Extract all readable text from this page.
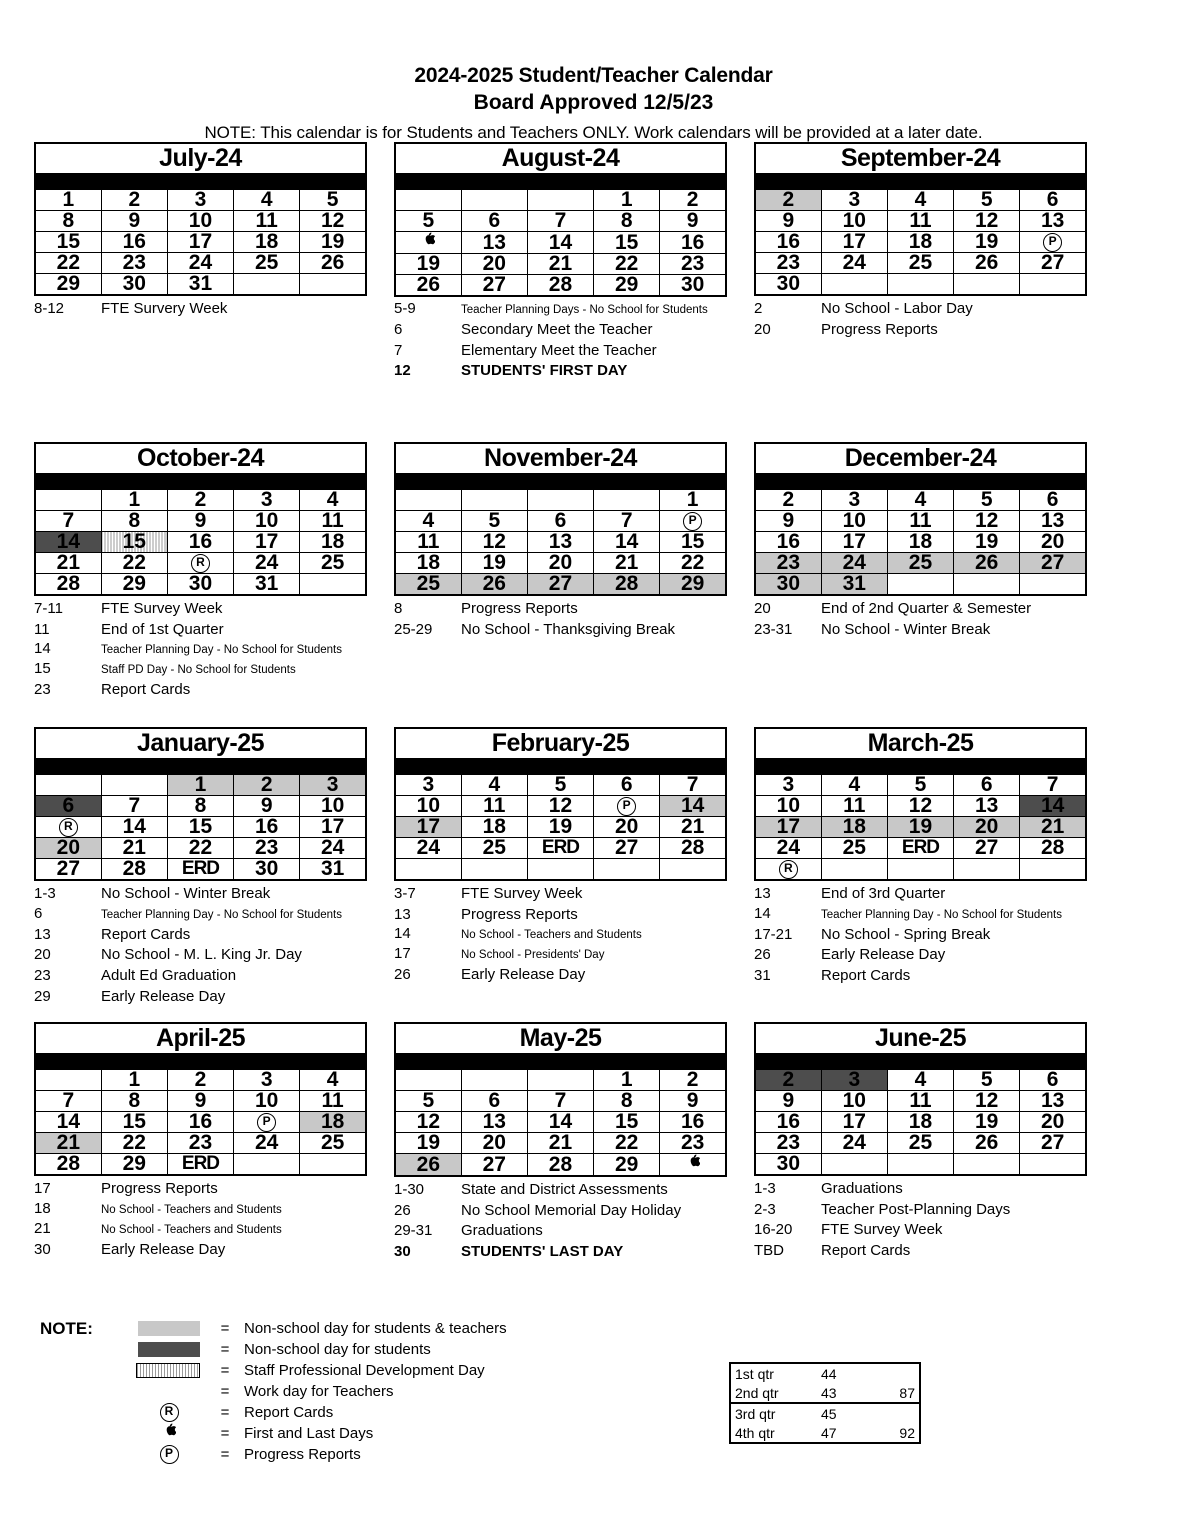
2024-2025 Student/Teacher Calendar
Board Approved 12/5/23
NOTE: This calendar is for Students and Teachers ONLY. Work calendars will be provided at a later date.
July-24				

1	2	3	4	5
8	9	10	11	12
15	16	17	18	19
22	23	24	25	26
29	30	31		
8-12	FTE Survery Week
August-24				

			1	2
5	6	7	8	9
	13	14	15	16
19	20	21	22	23
26	27	28	29	30
5-9	Teacher Planning Days - No School for Students
6	Secondary Meet the Teacher
7	Elementary Meet the Teacher
12	STUDENTS' FIRST DAY
September-24				

2	3	4	5	6
9	10	11	12	13
16	17	18	19	P
23	24	25	26	27
30				
2	No School - Labor Day
20	Progress Reports
October-24				

	1	2	3	4
7	8	9	10	11
14	15	16	17	18
21	22	R	24	25
28	29	30	31	
7-11	FTE Survey Week
11	End of 1st Quarter
14	Teacher Planning Day - No School for Students
15	Staff PD Day - No School for Students
23	Report Cards
November-24				

				1
4	5	6	7	P
11	12	13	14	15
18	19	20	21	22
25	26	27	28	29
8	Progress Reports
25-29	No School - Thanksgiving Break
December-24				

2	3	4	5	6
9	10	11	12	13
16	17	18	19	20
23	24	25	26	27
30	31			
20	End of 2nd Quarter & Semester
23-31	No School - Winter Break
January-25				

		1	2	3
6	7	8	9	10
R	14	15	16	17
20	21	22	23	24
27	28	ERD	30	31
1-3	No School - Winter Break
6	Teacher Planning Day - No School for Students
13	Report Cards
20	No School - M. L. King Jr. Day
23	Adult Ed Graduation
29	Early Release Day
February-25				

3	4	5	6	7
10	11	12	P	14
17	18	19	20	21
24	25	ERD	27	28

3-7	FTE Survey Week
13	Progress Reports
14	No School - Teachers and Students
17	No School - Presidents' Day
26	Early Release Day
March-25				

3	4	5	6	7
10	11	12	13	14
17	18	19	20	21
24	25	ERD	27	28
R				
13	End of 3rd Quarter
14	Teacher Planning Day - No School for Students
17-21	No School - Spring Break
26	Early Release Day
31	Report Cards
April-25				

	1	2	3	4
7	8	9	10	11
14	15	16	P	18
21	22	23	24	25
28	29	ERD		
17	Progress Reports
18	No School - Teachers and Students
21	No School - Teachers and Students
30	Early Release Day
May-25				

			1	2
5	6	7	8	9
12	13	14	15	16
19	20	21	22	23
26	27	28	29	
1-30	State and District Assessments
26	No School Memorial Day Holiday
29-31	Graduations
30	STUDENTS' LAST DAY
June-25				

2	3	4	5	6
9	10	11	12	13
16	17	18	19	20
23	24	25	26	27
30				
1-3	Graduations
2-3	Teacher Post-Planning Days
16-20	FTE Survey Week
TBD	Report Cards
NOTE:	= Non-school day for students & teachers
= Non-school day for students
= Staff Professional Development Day
= Work day for Teachers
R	= Report Cards
= First and Last Days
P	= Progress Reports
1st qtr	44	
2nd qtr	43	87
3rd qtr	45	
4th qtr	47	92
